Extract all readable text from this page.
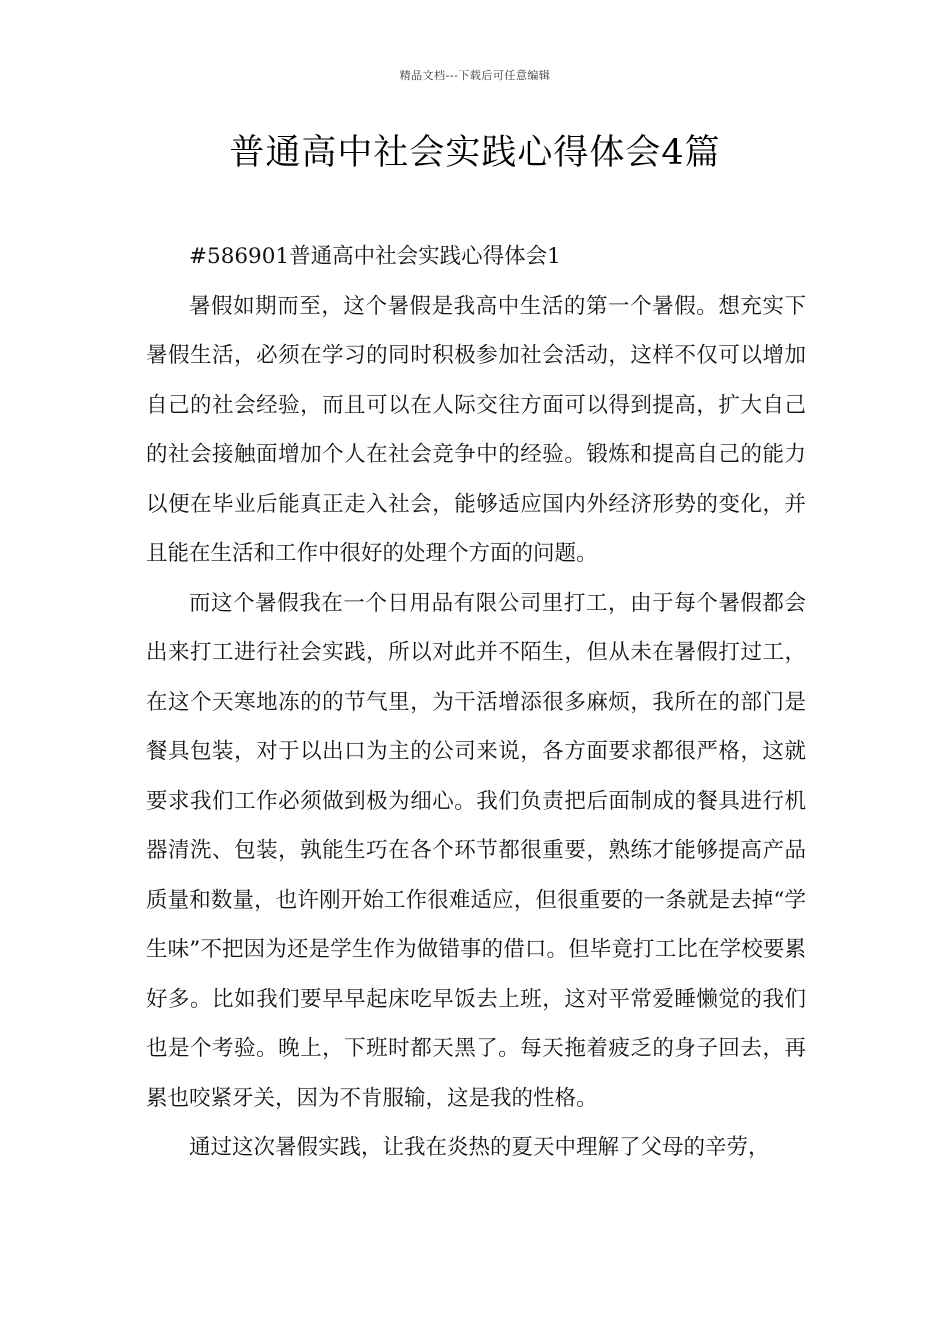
精品文档---下载后可任意编辑
普通高中社会实践心得体会4篇

#586901普通高中社会实践心得体会1

暑假如期而至，这个暑假是我高中生活的第一个暑假。想充实下暑假生活，必须在学习的同时积极参加社会活动，这样不仅可以增加自己的社会经验，而且可以在人际交往方面可以得到提高，扩大自己的社会接触面增加个人在社会竞争中的经验。锻炼和提高自己的能力以便在毕业后能真正走入社会，能够适应国内外经济形势的变化，并且能在生活和工作中很好的处理个方面的问题。

而这个暑假我在一个日用品有限公司里打工，由于每个暑假都会出来打工进行社会实践，所以对此并不陌生，但从未在暑假打过工，在这个天寒地冻的的节气里，为干活增添很多麻烦，我所在的部门是餐具包装，对于以出口为主的公司来说，各方面要求都很严格，这就要求我们工作必须做到极为细心。我们负责把后面制成的餐具进行机器清洗、包装，孰能生巧在各个环节都很重要，熟练才能够提高产品质量和数量，也许刚开始工作很难适应，但很重要的一条就是去掉“学生味”不把因为还是学生作为做错事的借口。但毕竟打工比在学校要累好多。比如我们要早早起床吃早饭去上班，这对平常爱睡懒觉的我们也是个考验。晚上，下班时都天黑了。每天拖着疲乏的身子回去，再累也咬紧牙关，因为不肯服输，这是我的性格。

通过这次暑假实践，让我在炎热的夏天中理解了父母的辛劳，
